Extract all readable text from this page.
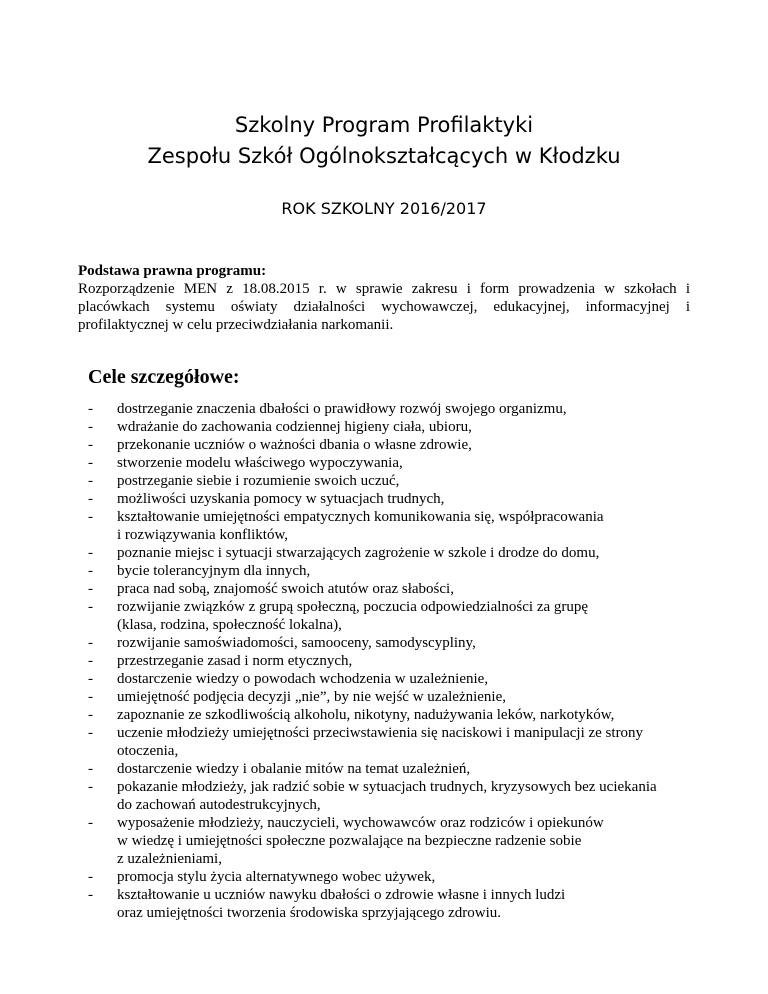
Szkolny Program Profilaktyki
Zespołu Szkół Ogólnokształcących w Kłodzku
ROK SZKOLNY 2016/2017
Podstawa prawna programu:
Rozporządzenie MEN z 18.08.2015 r. w sprawie zakresu i form prowadzenia w szkołach i placówkach systemu oświaty działalności wychowawczej, edukacyjnej, informacyjnej i profilaktycznej w celu przeciwdziałania narkomanii.
Cele szczegółowe:
- dostrzeganie znaczenia dbałości o prawidłowy rozwój swojego organizmu,
- wdrażanie do zachowania codziennej higieny ciała, ubioru,
- przekonanie uczniów o ważności dbania o własne zdrowie,
- stworzenie modelu właściwego wypoczywania,
- postrzeganie siebie i rozumienie swoich uczuć,
- możliwości uzyskania pomocy w sytuacjach trudnych,
- kształtowanie umiejętności empatycznych komunikowania się, współpracowania
i rozwiązywania konfliktów,
- poznanie miejsc i sytuacji stwarzających zagrożenie w szkole i drodze do domu,
- bycie tolerancyjnym dla innych,
- praca nad sobą, znajomość swoich atutów oraz słabości,
- rozwijanie związków z grupą społeczną, poczucia odpowiedzialności za grupę
(klasa, rodzina, społeczność lokalna),
- rozwijanie samoświadomości, samooceny, samodyscypliny,
- przestrzeganie zasad i norm etycznych,
- dostarczenie wiedzy o powodach wchodzenia w uzależnienie,
- umiejętność podjęcia decyzji „nie”, by nie wejść w uzależnienie,
- zapoznanie ze szkodliwością alkoholu, nikotyny, nadużywania leków, narkotyków,
- uczenie młodzieży umiejętności przeciwstawienia się naciskowi i manipulacji ze strony
otoczenia,
- dostarczenie wiedzy i obalanie mitów na temat uzależnień,
- pokazanie młodzieży, jak radzić sobie w sytuacjach trudnych, kryzysowych bez uciekania
do zachowań autodestrukcyjnych,
- wyposażenie młodzieży, nauczycieli, wychowawców oraz rodziców i opiekunów
w wiedzę i umiejętności społeczne pozwalające na bezpieczne radzenie sobie
z uzależnieniami,
- promocja stylu życia alternatywnego wobec używek,
- kształtowanie u uczniów nawyku dbałości o zdrowie własne i innych ludzi
oraz umiejętności tworzenia środowiska sprzyjającego zdrowiu.
